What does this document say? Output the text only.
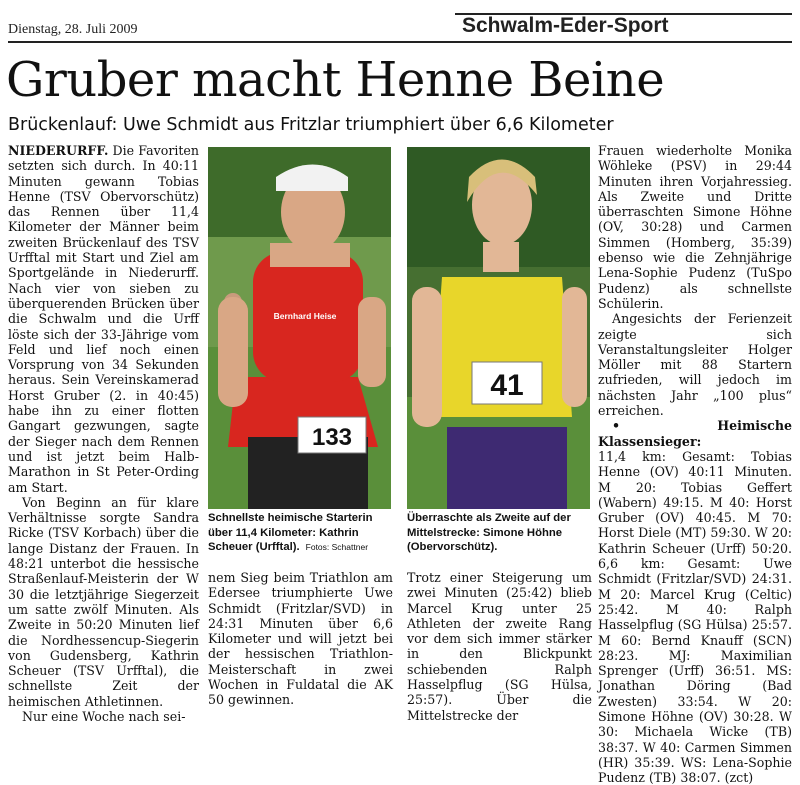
Dienstag, 28. Juli 2009	Schwalm-Eder-Sport
Gruber macht Henne Beine
Brückenlauf: Uwe Schmidt aus Fritzlar triumphiert über 6,6 Kilometer

NIEDERURFF. Die Favoriten setzten sich durch. In 40:11 Minuten gewann Tobias Henne (TSV Obervorschütz) das Rennen über 11,4 Kilometer der Männer beim zweiten Brückenlauf des TSV Urfftal mit Start und Ziel am Sportgelände in Niederurff. Nach vier von sieben zu überquerenden Brücken über die Schwalm und die Urff löste sich der 33-Jährige vom Feld und lief noch einen Vorsprung von 34 Sekunden heraus. Sein Vereinskamerad Horst Gruber (2. in 40:45) habe ihn zu einer flotten Gangart gezwungen, sagte der Sieger nach dem Rennen und ist jetzt beim Halb-Marathon in St Peter-Ording am Start.

Von Beginn an für klare Verhältnisse sorgte Sandra Ricke (TSV Korbach) über die lange Distanz der Frauen. In 48:21 unterbot die hessische Straßenlauf-Meisterin der W 30 die letztjährige Siegerzeit um satte zwölf Minuten. Als Zweite in 50:20 Minuten lief die Nordhessencup-Siegerin von Gudensberg, Kathrin Scheuer (TSV Urfftal), die schnellste Zeit der heimischen Athletinnen.

Nur eine Woche nach sei-

133
Bernhard Heise
Schnellste heimische Starterin über 11,4 Kilometer: Kathrin Scheuer (Urfftal). Fotos: Schattner
41
Überraschte als Zweite auf der Mittelstrecke: Simone Höhne (Obervorschütz).

nem Sieg beim Triathlon am Edersee triumphierte Uwe Schmidt (Fritzlar/SVD) in 24:31 Minuten über 6,6 Kilometer und will jetzt bei der hessischen Triathlon-Meisterschaft in zwei Wochen in Fuldatal die AK 50 gewinnen.

Trotz einer Steigerung um zwei Minuten (25:42) blieb Marcel Krug unter 25 Athleten der zweite Rang vor dem sich immer stärker in den Blickpunkt schiebenden Ralph Hasselpflug (SG Hülsa, 25:57). Über die Mittelstrecke der

Frauen wiederholte Monika Wöhleke (PSV) in 29:44 Minuten ihren Vorjahressieg. Als Zweite und Dritte überraschten Simone Höhne (OV, 30:28) und Carmen Simmen (Homberg, 35:39) ebenso wie die Zehnjährige Lena-Sophie Pudenz (TuSpo Pudenz) als schnellste Schülerin.

Angesichts der Ferienzeit zeigte sich Veranstaltungsleiter Holger Möller mit 88 Startern zufrieden, will jedoch im nächsten Jahr „100 plus“ erreichen.

• Heimische Klassensieger:

11,4 km: Gesamt: Tobias Henne (OV) 40:11 Minuten. M 20: Tobias Geffert (Wabern) 49:15. M 40: Horst Gruber (OV) 40:45. M 70: Horst Diele (MT) 59:30. W 20: Kathrin Scheuer (Urff) 50:20. 6,6 km: Gesamt: Uwe Schmidt (Fritzlar/SVD) 24:31. M 20: Marcel Krug (Celtic) 25:42. M 40: Ralph Hasselpflug (SG Hülsa) 25:57. M 60: Bernd Knauff (SCN) 28:23. MJ: Maximilian Sprenger (Urff) 36:51. MS: Jonathan Döring (Bad Zwesten) 33:54. W 20: Simone Höhne (OV) 30:28. W 30: Michaela Wicke (TB) 38:37. W 40: Carmen Simmen (HR) 35:39. WS: Lena-Sophie Pudenz (TB) 38:07. (zct)
